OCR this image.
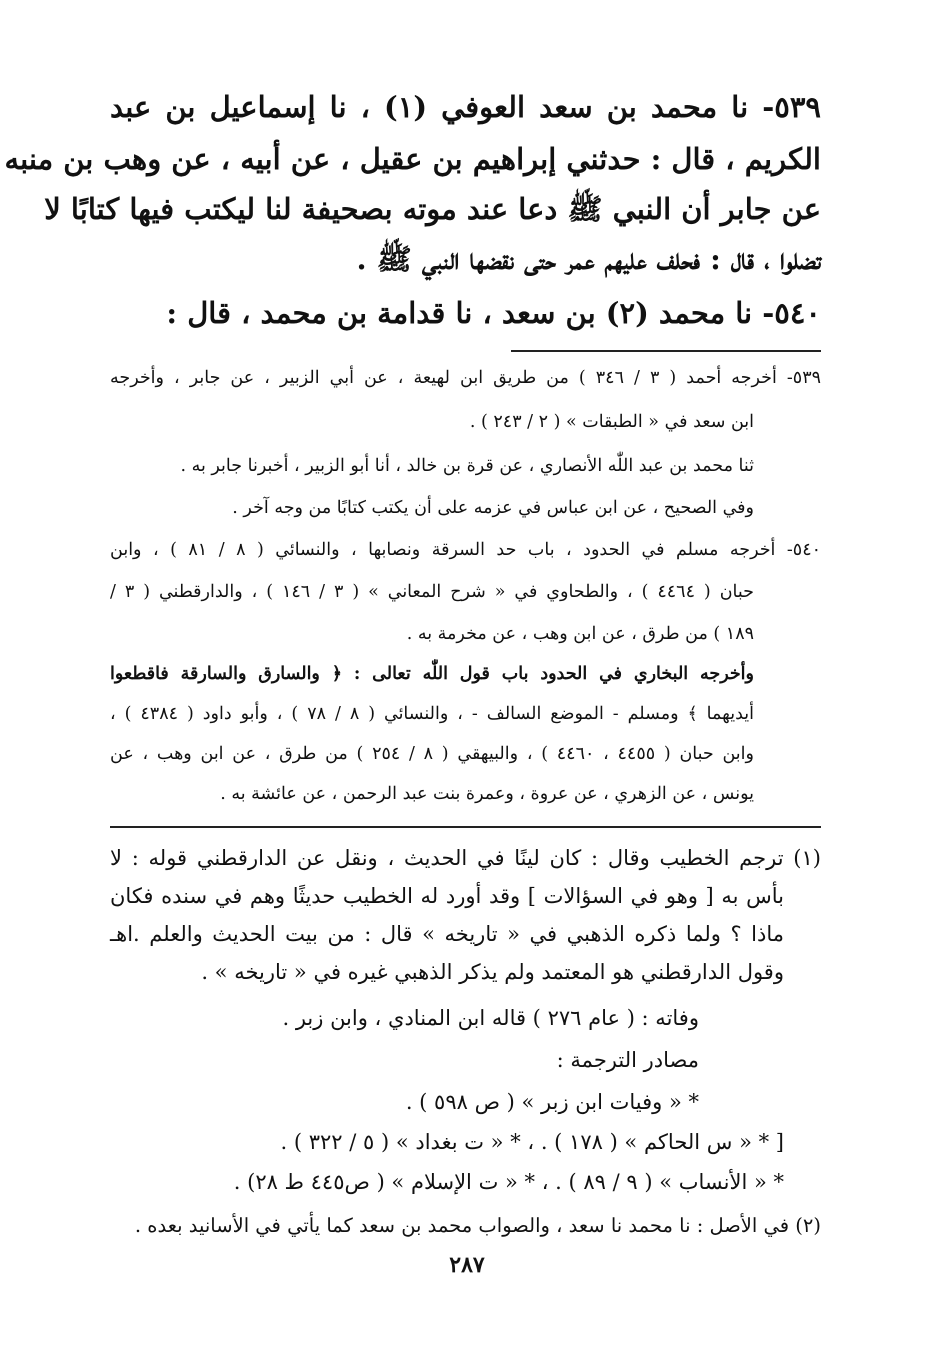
٥٣٩- نا محمد بن سعد العوفي (١) ، نا إسماعيل بن عبد
الكريم ، قال : حدثني إبراهيم بن عقيل ، عن أبيه ، عن وهب بن منبه
عن جابر أن النبي ﷺ دعا عند موته بصحيفة لنا ليكتب فيها كتابًا لا
تضلوا ، قال : فحلف عليهم عمر حتى نقضها النبي ﷺ .
٥٤٠- نا محمد (٢) بن سعد ، نا قدامة بن محمد ، قال :
٥٣٩- أخرجه أحمد ( ٣ / ٣٤٦ ) من طريق ابن لهيعة ، عن أبي الزبير ، عن جابر ، وأخرجه
ابن سعد في « الطبقات » ( ٢ / ٢٤٣ ) .
ثنا محمد بن عبد اللّٰه الأنصاري ، عن قرة بن خالد ، أنا أبو الزبير ، أخبرنا جابر به .
وفي الصحيح ، عن ابن عباس في عزمه على أن يكتب كتابًا من وجه آخر .
٥٤٠- أخرجه مسلم في الحدود ، باب حد السرقة ونصابها ، والنسائي ( ٨ / ٨١ ) ، وابن
حبان ( ٤٤٦٤ ) ، والطحاوي في « شرح المعاني » ( ٣ / ١٤٦ ) ، والدارقطني ( ٣ /
١٨٩ ) من طرق ، عن ابن وهب ، عن مخرمة به .
وأخرجه البخاري في الحدود باب قول اللّٰه تعالى : ﴿ والسارق والسارقة فاقطعوا
أيديهما ﴾ ومسلم - الموضع السالف - ، والنسائي ( ٨ / ٧٨ ) ، وأبو داود ( ٤٣٨٤ ) ،
وابن حبان ( ٤٤٥٥ ، ٤٤٦٠ ) ، والبيهقي ( ٨ / ٢٥٤ ) من طرق ، عن ابن وهب ، عن
يونس ، عن الزهري ، عن عروة ، وعمرة بنت عبد الرحمن ، عن عائشة به .
(١) ترجم الخطيب وقال : كان لينًا في الحديث ، ونقل عن الدارقطني قوله : لا
بأس به [ وهو في السؤالات ] وقد أورد له الخطيب حديثًا وهم في سنده فكان
ماذا ؟ ولما ذكره الذهبي في « تاريخه » قال : من بيت الحديث والعلم .اهـ
وقول الدارقطني هو المعتمد ولم يذكر الذهبي غيره في « تاريخه » .
وفاته : ( عام ٢٧٦ ) قاله ابن المنادي ، وابن زبر .
مصادر الترجمة :
* « وفيات ابن زبر » ( ص ٥٩٨ ) .
[ * « س الحاكم » ( ١٧٨ ) . ، * « ت بغداد » ( ٥ / ٣٢٢ ) .
* « الأنساب » ( ٩ / ٨٩ ) . ، * « ت الإسلام » ( ص٤٤٥ ط ٢٨) .
(٢) في الأصل : نا محمد نا سعد ، والصواب محمد بن سعد كما يأتي في الأسانيد بعده .
٢٨٧
